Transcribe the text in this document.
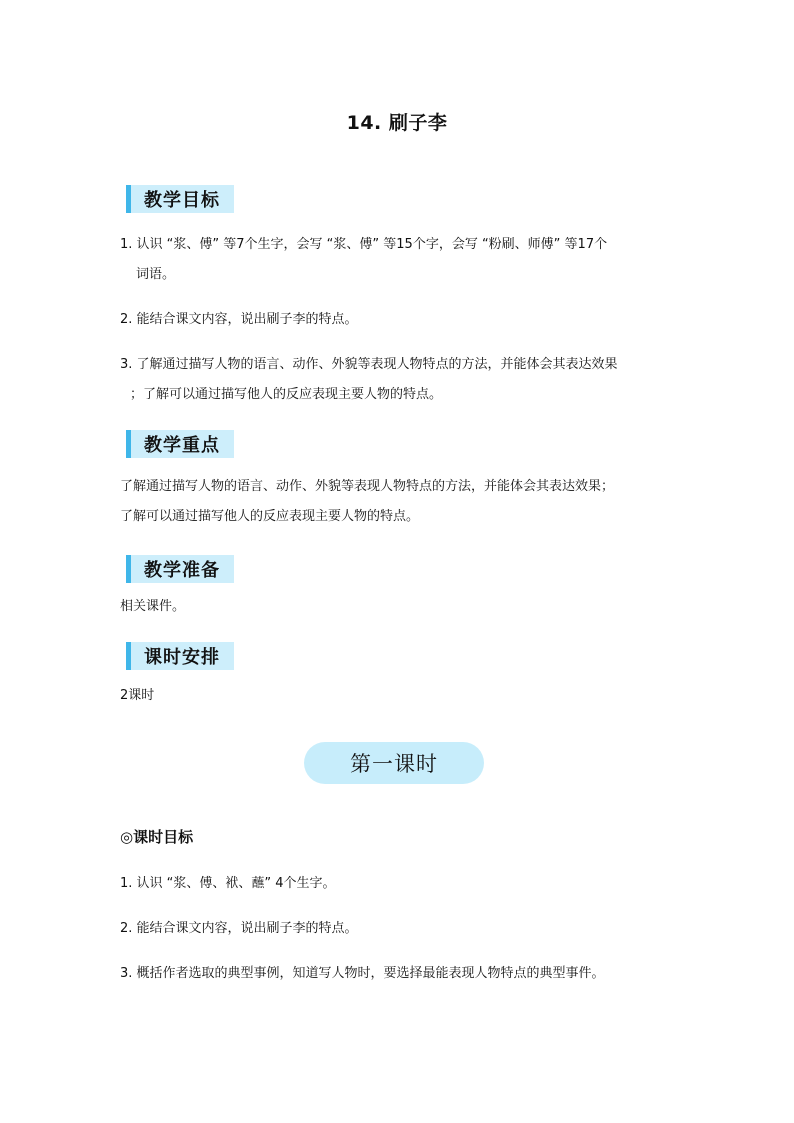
14. 刷子李
教学目标
1. 认识 “浆、傅” 等7个生字，会写 “浆、傅” 等15个字，会写 “粉刷、师傅” 等17个
词语。
2. 能结合课文内容，说出刷子李的特点。
3. 了解通过描写人物的语言、动作、外貌等表现人物特点的方法，并能体会其表达效果
；了解可以通过描写他人的反应表现主要人物的特点。
教学重点
了解通过描写人物的语言、动作、外貌等表现人物特点的方法，并能体会其表达效果；
了解可以通过描写他人的反应表现主要人物的特点。
教学准备
相关课件。
课时安排
2课时
第一课时
◎课时目标
1. 认识 “浆、傅、袱、蘸” 4个生字。
2. 能结合课文内容，说出刷子李的特点。
3. 概括作者选取的典型事例，知道写人物时，要选择最能表现人物特点的典型事件。
